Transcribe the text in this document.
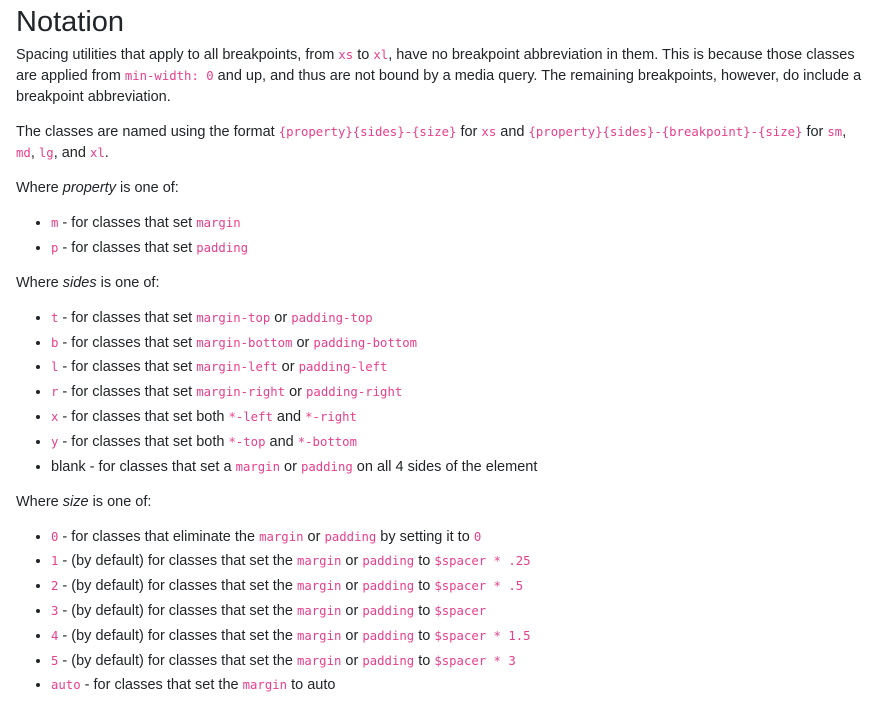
Notation

Spacing utilities that apply to all breakpoints, from xs to xl, have no breakpoint abbreviation in them. This is because those classes are applied from min-width: 0 and up, and thus are not bound by a media query. The remaining breakpoints, however, do include a breakpoint abbreviation.

The classes are named using the format {property}{sides}-{size} for xs and {property}{sides}-{breakpoint}-{size} for sm, md, lg, and xl.

Where property is one of:

• m - for classes that set margin
• p - for classes that set padding

Where sides is one of:

• t - for classes that set margin-top or padding-top
• b - for classes that set margin-bottom or padding-bottom
• l - for classes that set margin-left or padding-left
• r - for classes that set margin-right or padding-right
• x - for classes that set both *-left and *-right
• y - for classes that set both *-top and *-bottom
• blank - for classes that set a margin or padding on all 4 sides of the element

Where size is one of:

• 0 - for classes that eliminate the margin or padding by setting it to 0
• 1 - (by default) for classes that set the margin or padding to $spacer * .25
• 2 - (by default) for classes that set the margin or padding to $spacer * .5
• 3 - (by default) for classes that set the margin or padding to $spacer
• 4 - (by default) for classes that set the margin or padding to $spacer * 1.5
• 5 - (by default) for classes that set the margin or padding to $spacer * 3
• auto - for classes that set the margin to auto
